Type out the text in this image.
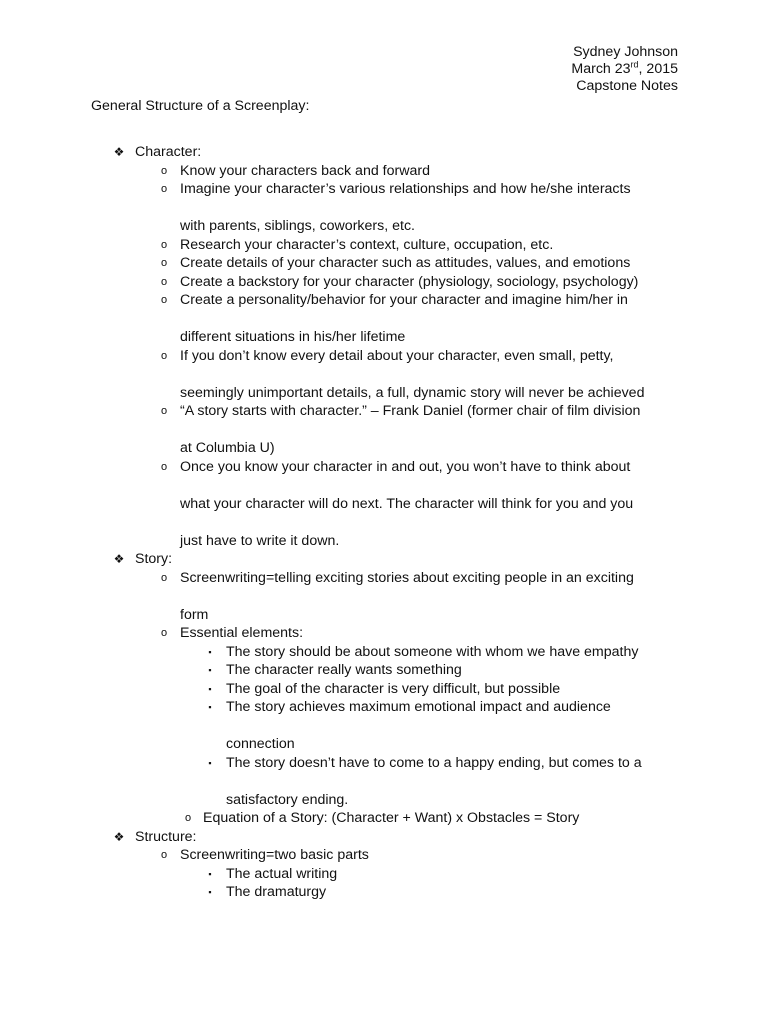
Sydney Johnson
March 23rd, 2015
Capstone Notes
General Structure of a Screenplay:
❖ Character:
o Know your characters back and forward
o Imagine your character’s various relationships and how he/she interacts
with parents, siblings, coworkers, etc.
o Research your character’s context, culture, occupation, etc.
o Create details of your character such as attitudes, values, and emotions
o Create a backstory for your character (physiology, sociology, psychology)
o Create a personality/behavior for your character and imagine him/her in
different situations in his/her lifetime
o If you don’t know every detail about your character, even small, petty,
seemingly unimportant details, a full, dynamic story will never be achieved
o “A story starts with character.” – Frank Daniel (former chair of film division
at Columbia U)
o Once you know your character in and out, you won’t have to think about
what your character will do next. The character will think for you and you
just have to write it down.
❖ Story:
o Screenwriting=telling exciting stories about exciting people in an exciting
form
o Essential elements:
▪	The story should be about someone with whom we have empathy
▪	The character really wants something
▪	The goal of the character is very difficult, but possible
▪	The story achieves maximum emotional impact and audience
connection
▪	The story doesn’t have to come to a happy ending, but comes to a
satisfactory ending.
o Equation of a Story: (Character + Want) x Obstacles = Story
❖ Structure:
o Screenwriting=two basic parts
▪	The actual writing
▪	The dramaturgy
